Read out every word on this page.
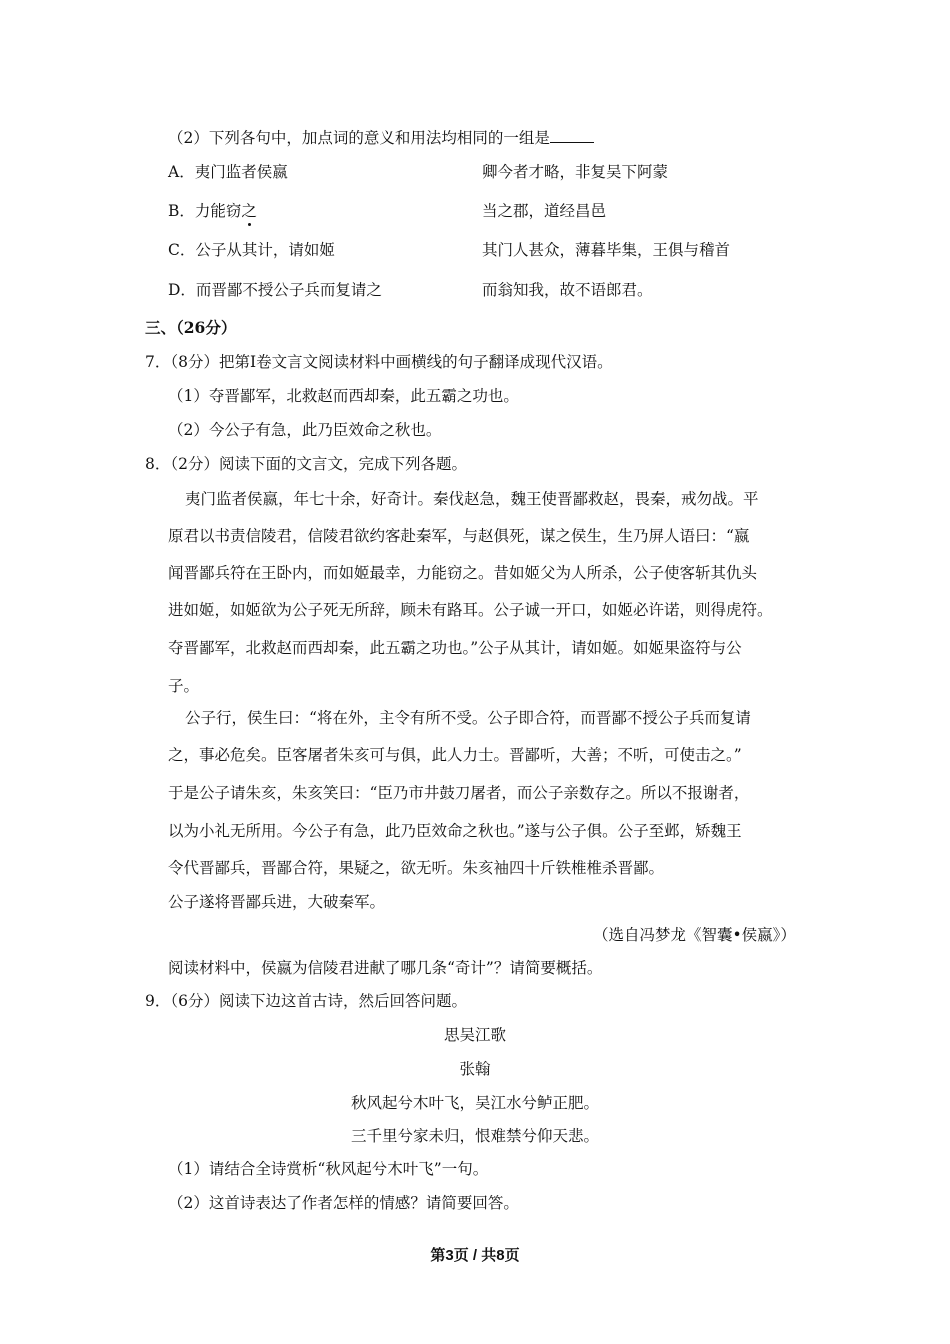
（2）下列各句中，加点词的意义和用法均相同的一组是
A．夷门监者侯嬴	卿今者才略，非复吴下阿蒙
B．力能窃之	当之郡，道经昌邑
C．公子从其计，请如姬	其门人甚众，薄暮毕集，王俱与稽首
D．而晋鄙不授公子兵而复请之	而翁知我，故不语郎君。
三、（26分）
7．（8分）把第Ⅰ卷文言文阅读材料中画横线的句子翻译成现代汉语。
（1）夺晋鄙军，北救赵而西却秦，此五霸之功也。
（2）今公子有急，此乃臣效命之秋也。
8．（2分）阅读下面的文言文，完成下列各题。
夷门监者侯嬴，年七十余，好奇计。秦伐赵急，魏王使晋鄙救赵，畏秦，戒勿战。平
原君以书责信陵君，信陵君欲约客赴秦军，与赵俱死，谋之侯生，生乃屏人语曰：“嬴
闻晋鄙兵符在王卧内，而如姬最幸，力能窃之。昔如姬父为人所杀，公子使客斩其仇头
进如姬，如姬欲为公子死无所辞，顾未有路耳。公子诚一开口，如姬必许诺，则得虎符。
夺晋鄙军，北救赵而西却秦，此五霸之功也。”公子从其计，请如姬。如姬果盗符与公
子。
公子行，侯生曰：“将在外，主令有所不受。公子即合符，而晋鄙不授公子兵而复请
之，事必危矣。臣客屠者朱亥可与俱，此人力士。晋鄙听，大善；不听，可使击之。”
于是公子请朱亥，朱亥笑曰：“臣乃市井鼓刀屠者，而公子亲数存之。所以不报谢者，
以为小礼无所用。今公子有急，此乃臣效命之秋也。”遂与公子俱。公子至邺，矫魏王
令代晋鄙兵，晋鄙合符，果疑之，欲无听。朱亥袖四十斤铁椎椎杀晋鄙。
公子遂将晋鄙兵进，大破秦军。
（选自冯梦龙《智囊•侯嬴》）
阅读材料中，侯嬴为信陵君进献了哪几条“奇计”？请简要概括。
9．（6分）阅读下边这首古诗，然后回答问题。
思吴江歌
张翰
秋风起兮木叶飞，吴江水兮鲈正肥。
三千里兮家未归，恨难禁兮仰天悲。
（1）请结合全诗赏析“秋风起兮木叶飞”一句。
（2）这首诗表达了作者怎样的情感？请简要回答。
第3页 / 共8页
